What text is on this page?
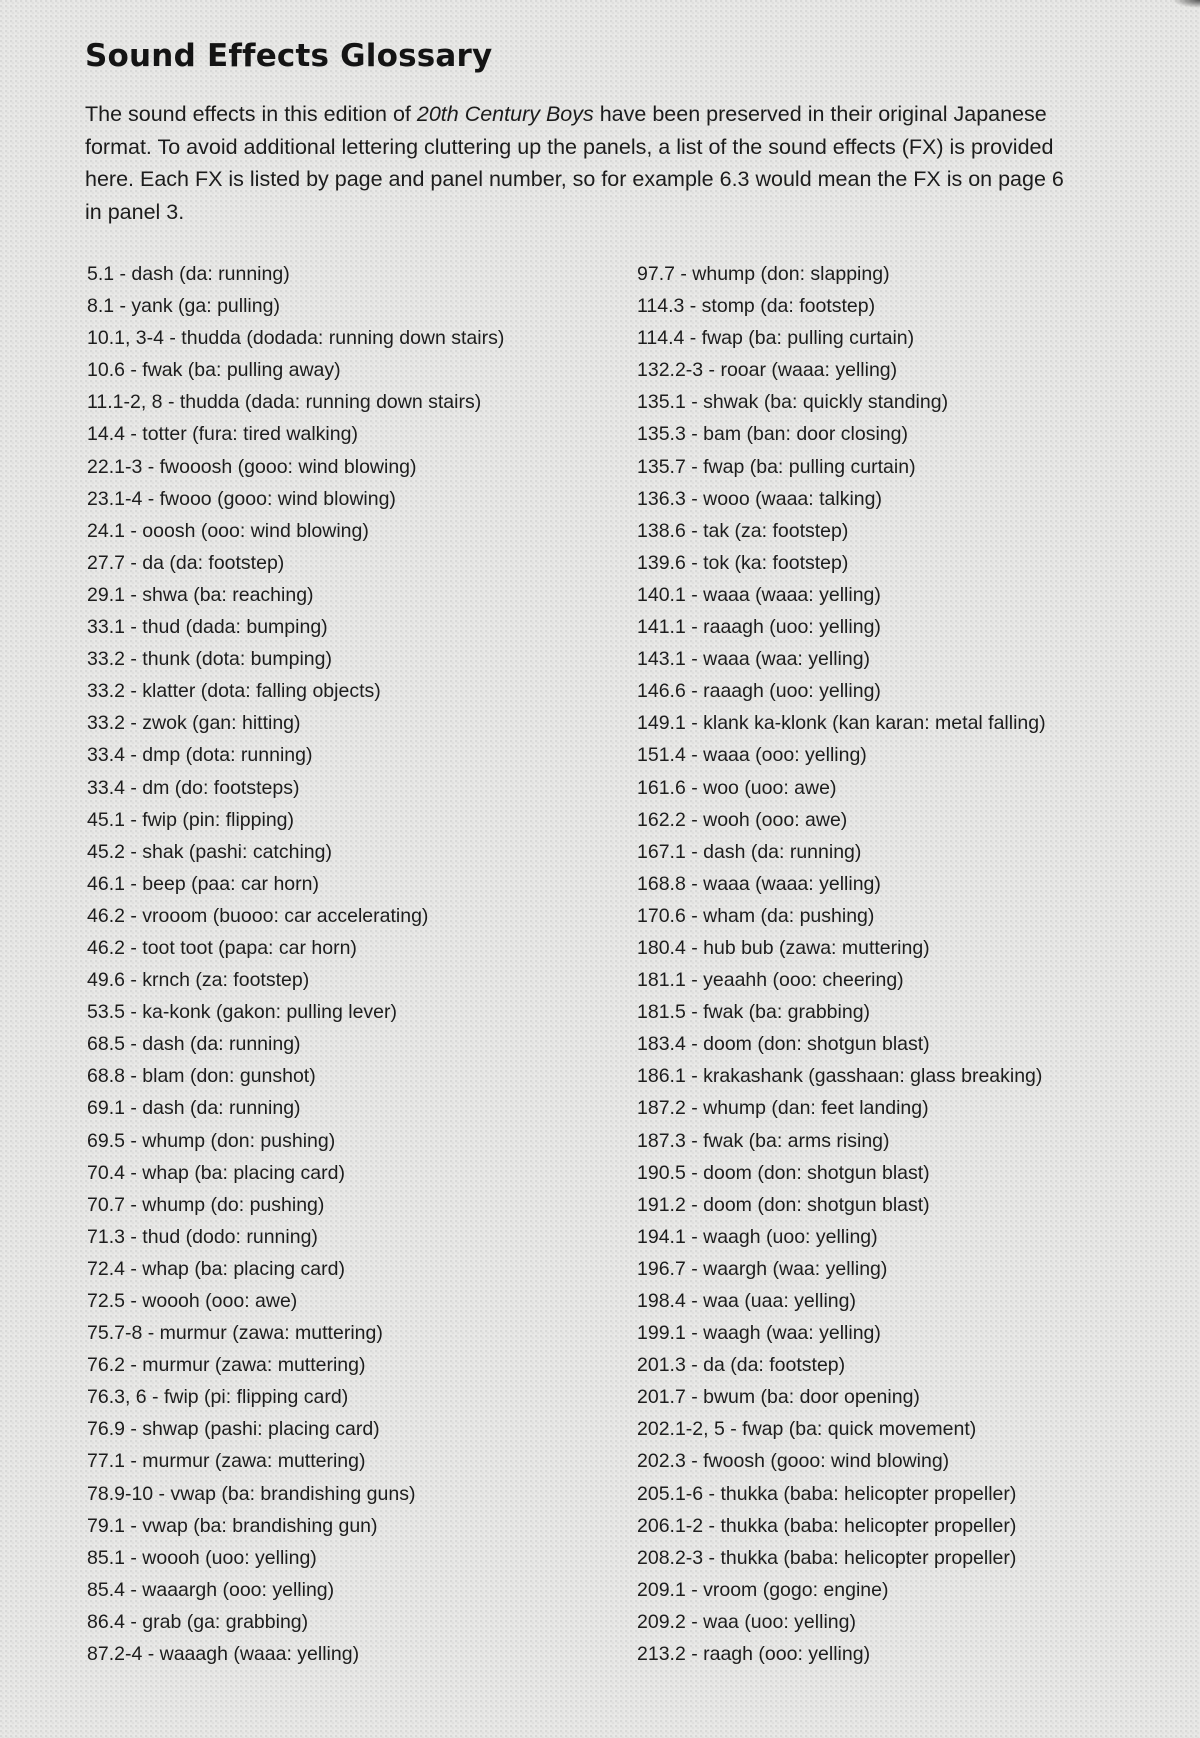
Sound Effects Glossary

The sound effects in this edition of 20th Century Boys have been preserved in their original Japanese format. To avoid additional lettering cluttering up the panels, a list of the sound effects (FX) is provided here. Each FX is listed by page and panel number, so for example 6.3 would mean the FX is on page 6 in panel 3.

5.1 - dash (da: running)
8.1 - yank (ga: pulling)
10.1, 3-4 - thudda (dodada: running down stairs)
10.6 - fwak (ba: pulling away)
11.1-2, 8 - thudda (dada: running down stairs)
14.4 - totter (fura: tired walking)
22.1-3 - fwooosh (gooo: wind blowing)
23.1-4 - fwooo (gooo: wind blowing)
24.1 - ooosh (ooo: wind blowing)
27.7 - da (da: footstep)
29.1 - shwa (ba: reaching)
33.1 - thud (dada: bumping)
33.2 - thunk (dota: bumping)
33.2 - klatter (dota: falling objects)
33.2 - zwok (gan: hitting)
33.4 - dmp (dota: running)
33.4 - dm (do: footsteps)
45.1 - fwip (pin: flipping)
45.2 - shak (pashi: catching)
46.1 - beep (paa: car horn)
46.2 - vrooom (buooo: car accelerating)
46.2 - toot toot (papa: car horn)
49.6 - krnch (za: footstep)
53.5 - ka-konk (gakon: pulling lever)
68.5 - dash (da: running)
68.8 - blam (don: gunshot)
69.1 - dash (da: running)
69.5 - whump (don: pushing)
70.4 - whap (ba: placing card)
70.7 - whump (do: pushing)
71.3 - thud (dodo: running)
72.4 - whap (ba: placing card)
72.5 - woooh (ooo: awe)
75.7-8 - murmur (zawa: muttering)
76.2 - murmur (zawa: muttering)
76.3, 6 - fwip (pi: flipping card)
76.9 - shwap (pashi: placing card)
77.1 - murmur (zawa: muttering)
78.9-10 - vwap (ba: brandishing guns)
79.1 - vwap (ba: brandishing gun)
85.1 - woooh (uoo: yelling)
85.4 - waaargh (ooo: yelling)
86.4 - grab (ga: grabbing)
87.2-4 - waaagh (waaa: yelling)
97.7 - whump (don: slapping)
114.3 - stomp (da: footstep)
114.4 - fwap (ba: pulling curtain)
132.2-3 - rooar (waaa: yelling)
135.1 - shwak (ba: quickly standing)
135.3 - bam (ban: door closing)
135.7 - fwap (ba: pulling curtain)
136.3 - wooo (waaa: talking)
138.6 - tak (za: footstep)
139.6 - tok (ka: footstep)
140.1 - waaa (waaa: yelling)
141.1 - raaagh (uoo: yelling)
143.1 - waaa (waa: yelling)
146.6 - raaagh (uoo: yelling)
149.1 - klank ka-klonk (kan karan: metal falling)
151.4 - waaa (ooo: yelling)
161.6 - woo (uoo: awe)
162.2 - wooh (ooo: awe)
167.1 - dash (da: running)
168.8 - waaa (waaa: yelling)
170.6 - wham (da: pushing)
180.4 - hub bub (zawa: muttering)
181.1 - yeaahh (ooo: cheering)
181.5 - fwak (ba: grabbing)
183.4 - doom (don: shotgun blast)
186.1 - krakashank (gasshaan: glass breaking)
187.2 - whump (dan: feet landing)
187.3 - fwak (ba: arms rising)
190.5 - doom (don: shotgun blast)
191.2 - doom (don: shotgun blast)
194.1 - waagh (uoo: yelling)
196.7 - waargh (waa: yelling)
198.4 - waa (uaa: yelling)
199.1 - waagh (waa: yelling)
201.3 - da (da: footstep)
201.7 - bwum (ba: door opening)
202.1-2, 5 - fwap (ba: quick movement)
202.3 - fwoosh (gooo: wind blowing)
205.1-6 - thukka (baba: helicopter propeller)
206.1-2 - thukka (baba: helicopter propeller)
208.2-3 - thukka (baba: helicopter propeller)
209.1 - vroom (gogo: engine)
209.2 - waa (uoo: yelling)
213.2 - raagh (ooo: yelling)
